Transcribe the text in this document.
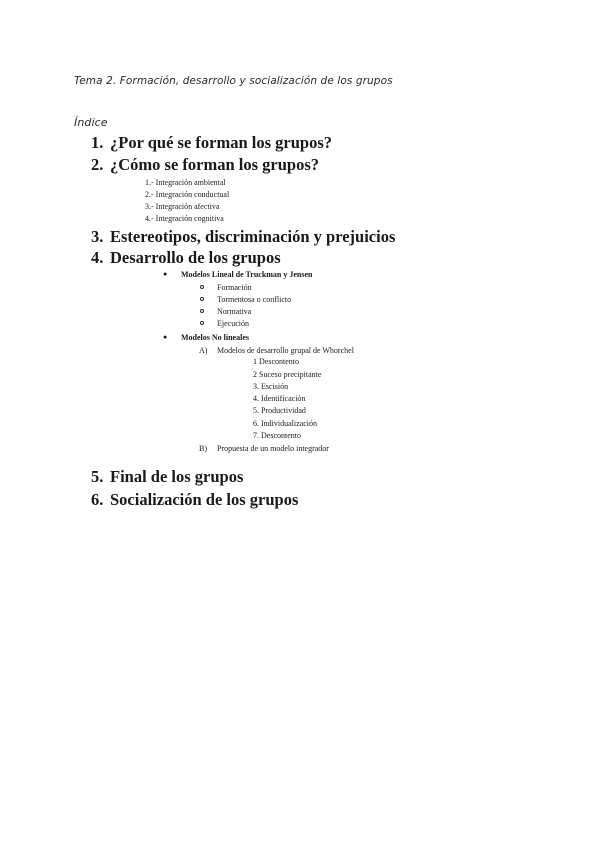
Tema 2. Formación, desarrollo y socialización de los grupos
Índice
1. ¿Por qué se forman los grupos?
2. ¿Cómo se forman los grupos?
1.- Integración ambiental
2.- Integración conductual
3.- Integración afectiva
4.- Integración cognitiva
3. Estereotipos, discriminación y prejuicios
4. Desarrollo de los grupos
● Modelos Lineal de Truckman y Jensen
Formación
Tormentosa o conflicto
Normativa
Ejecución
● Modelos No lineales
A) Modelos de desarrollo grupal de Whorchel
1 Descontento
2 Suceso precipitante
3. Escisión
4. Identificación
5. Productividad
6. Individualización
7. Descontento
B) Propuesta de un modelo integrador
5. Final de los grupos
6. Socialización de los grupos
